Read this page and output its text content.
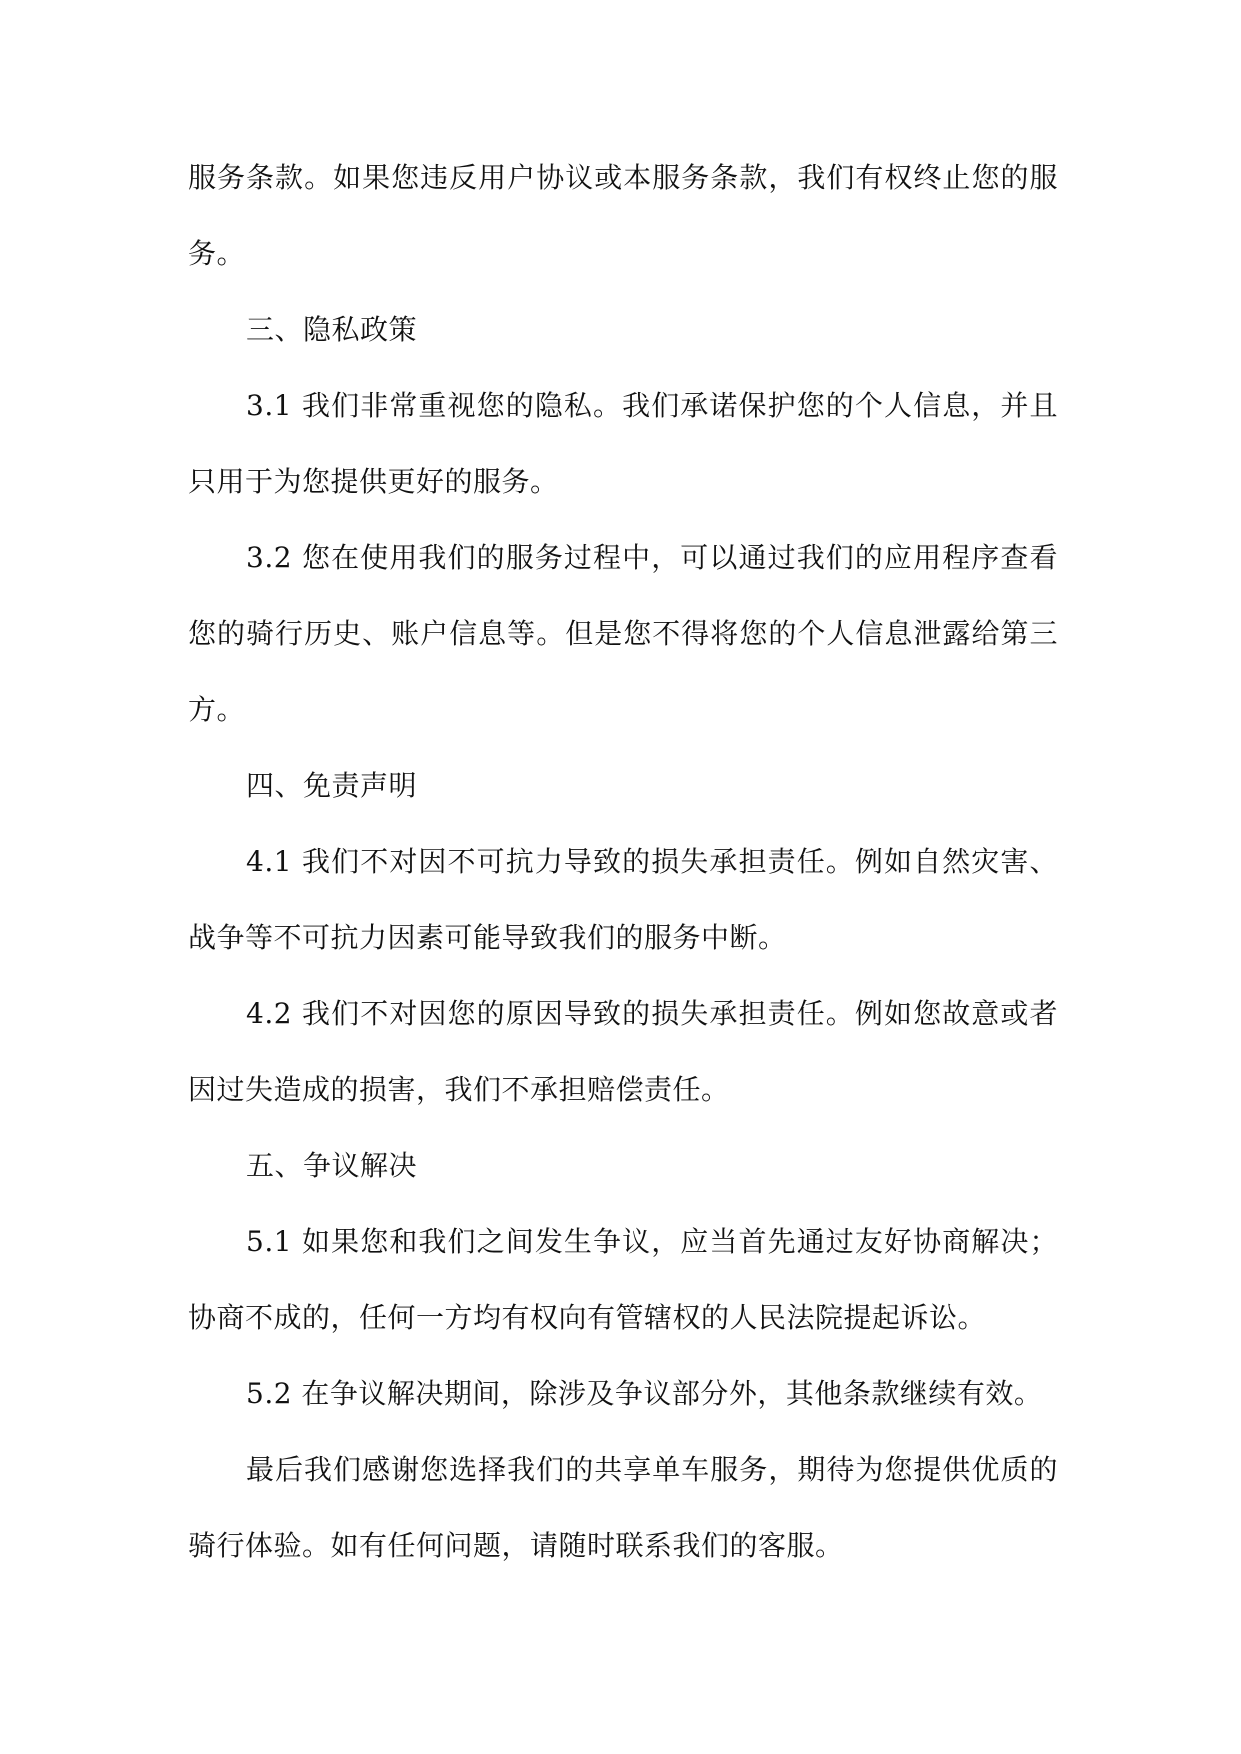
服务条款。如果您违反用户协议或本服务条款，我们有权终止您的服务。

三、隐私政策

3.1 我们非常重视您的隐私。我们承诺保护您的个人信息，并且只用于为您提供更好的服务。

3.2 您在使用我们的服务过程中，可以通过我们的应用程序查看您的骑行历史、账户信息等。但是您不得将您的个人信息泄露给第三方。

四、免责声明

4.1 我们不对因不可抗力导致的损失承担责任。例如自然灾害、战争等不可抗力因素可能导致我们的服务中断。

4.2 我们不对因您的原因导致的损失承担责任。例如您故意或者因过失造成的损害，我们不承担赔偿责任。

五、争议解决

5.1 如果您和我们之间发生争议，应当首先通过友好协商解决；协商不成的，任何一方均有权向有管辖权的人民法院提起诉讼。

5.2 在争议解决期间，除涉及争议部分外，其他条款继续有效。

最后我们感谢您选择我们的共享单车服务，期待为您提供优质的骑行体验。如有任何问题，请随时联系我们的客服。
